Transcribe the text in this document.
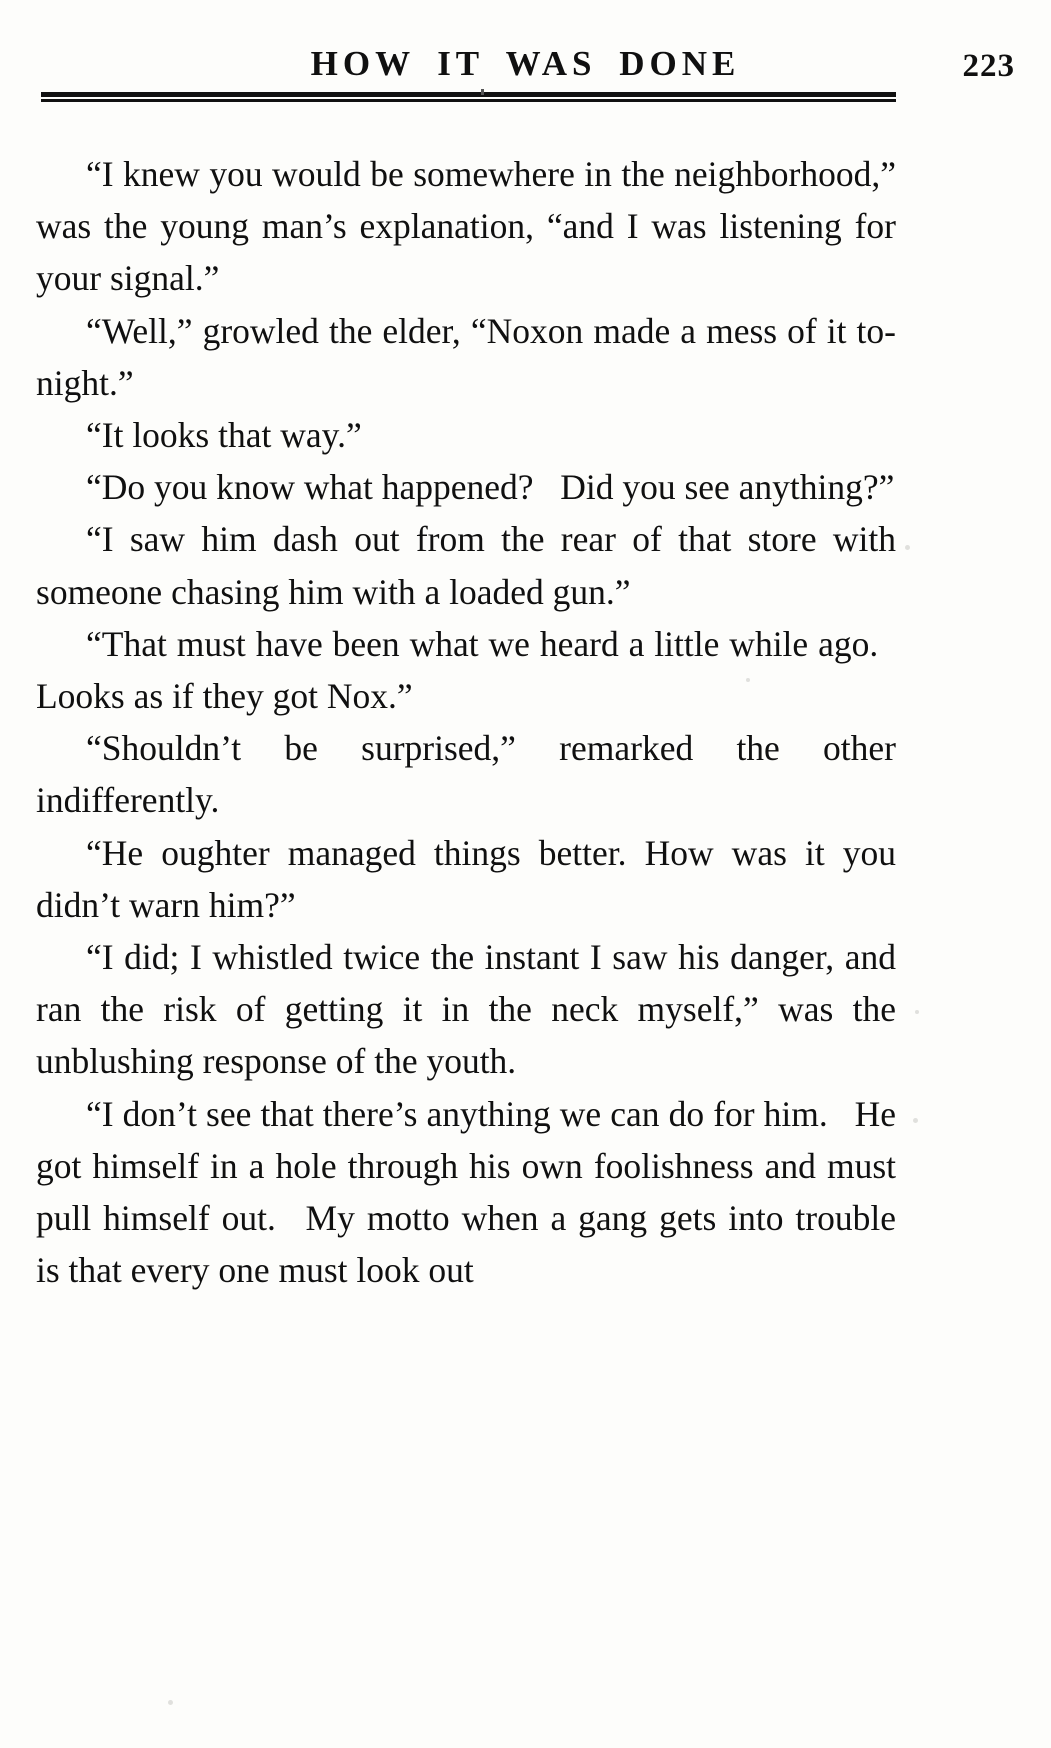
HOW IT WAS DONE	223

“I knew you would be somewhere in the neighborhood,” was the young man’s explanation, “and I was listening for your signal.”

“Well,” growled the elder, “Noxon made a mess of it to-night.”

“It looks that way.”

“Do you know what happened?  Did you see anything?”

“I saw him dash out from the rear of that store with someone chasing him with a loaded gun.”

“That must have been what we heard a little while ago.  Looks as if they got Nox.”

“Shouldn’t be surprised,” remarked the other indifferently.

“He oughter managed things better. How was it you didn’t warn him?”

“I did; I whistled twice the instant I saw his danger, and ran the risk of getting it in the neck myself,” was the unblushing response of the youth.

“I don’t see that there’s anything we can do for him.  He got himself in a hole through his own foolishness and must pull himself out.  My motto when a gang gets into trouble is that every one must look out
